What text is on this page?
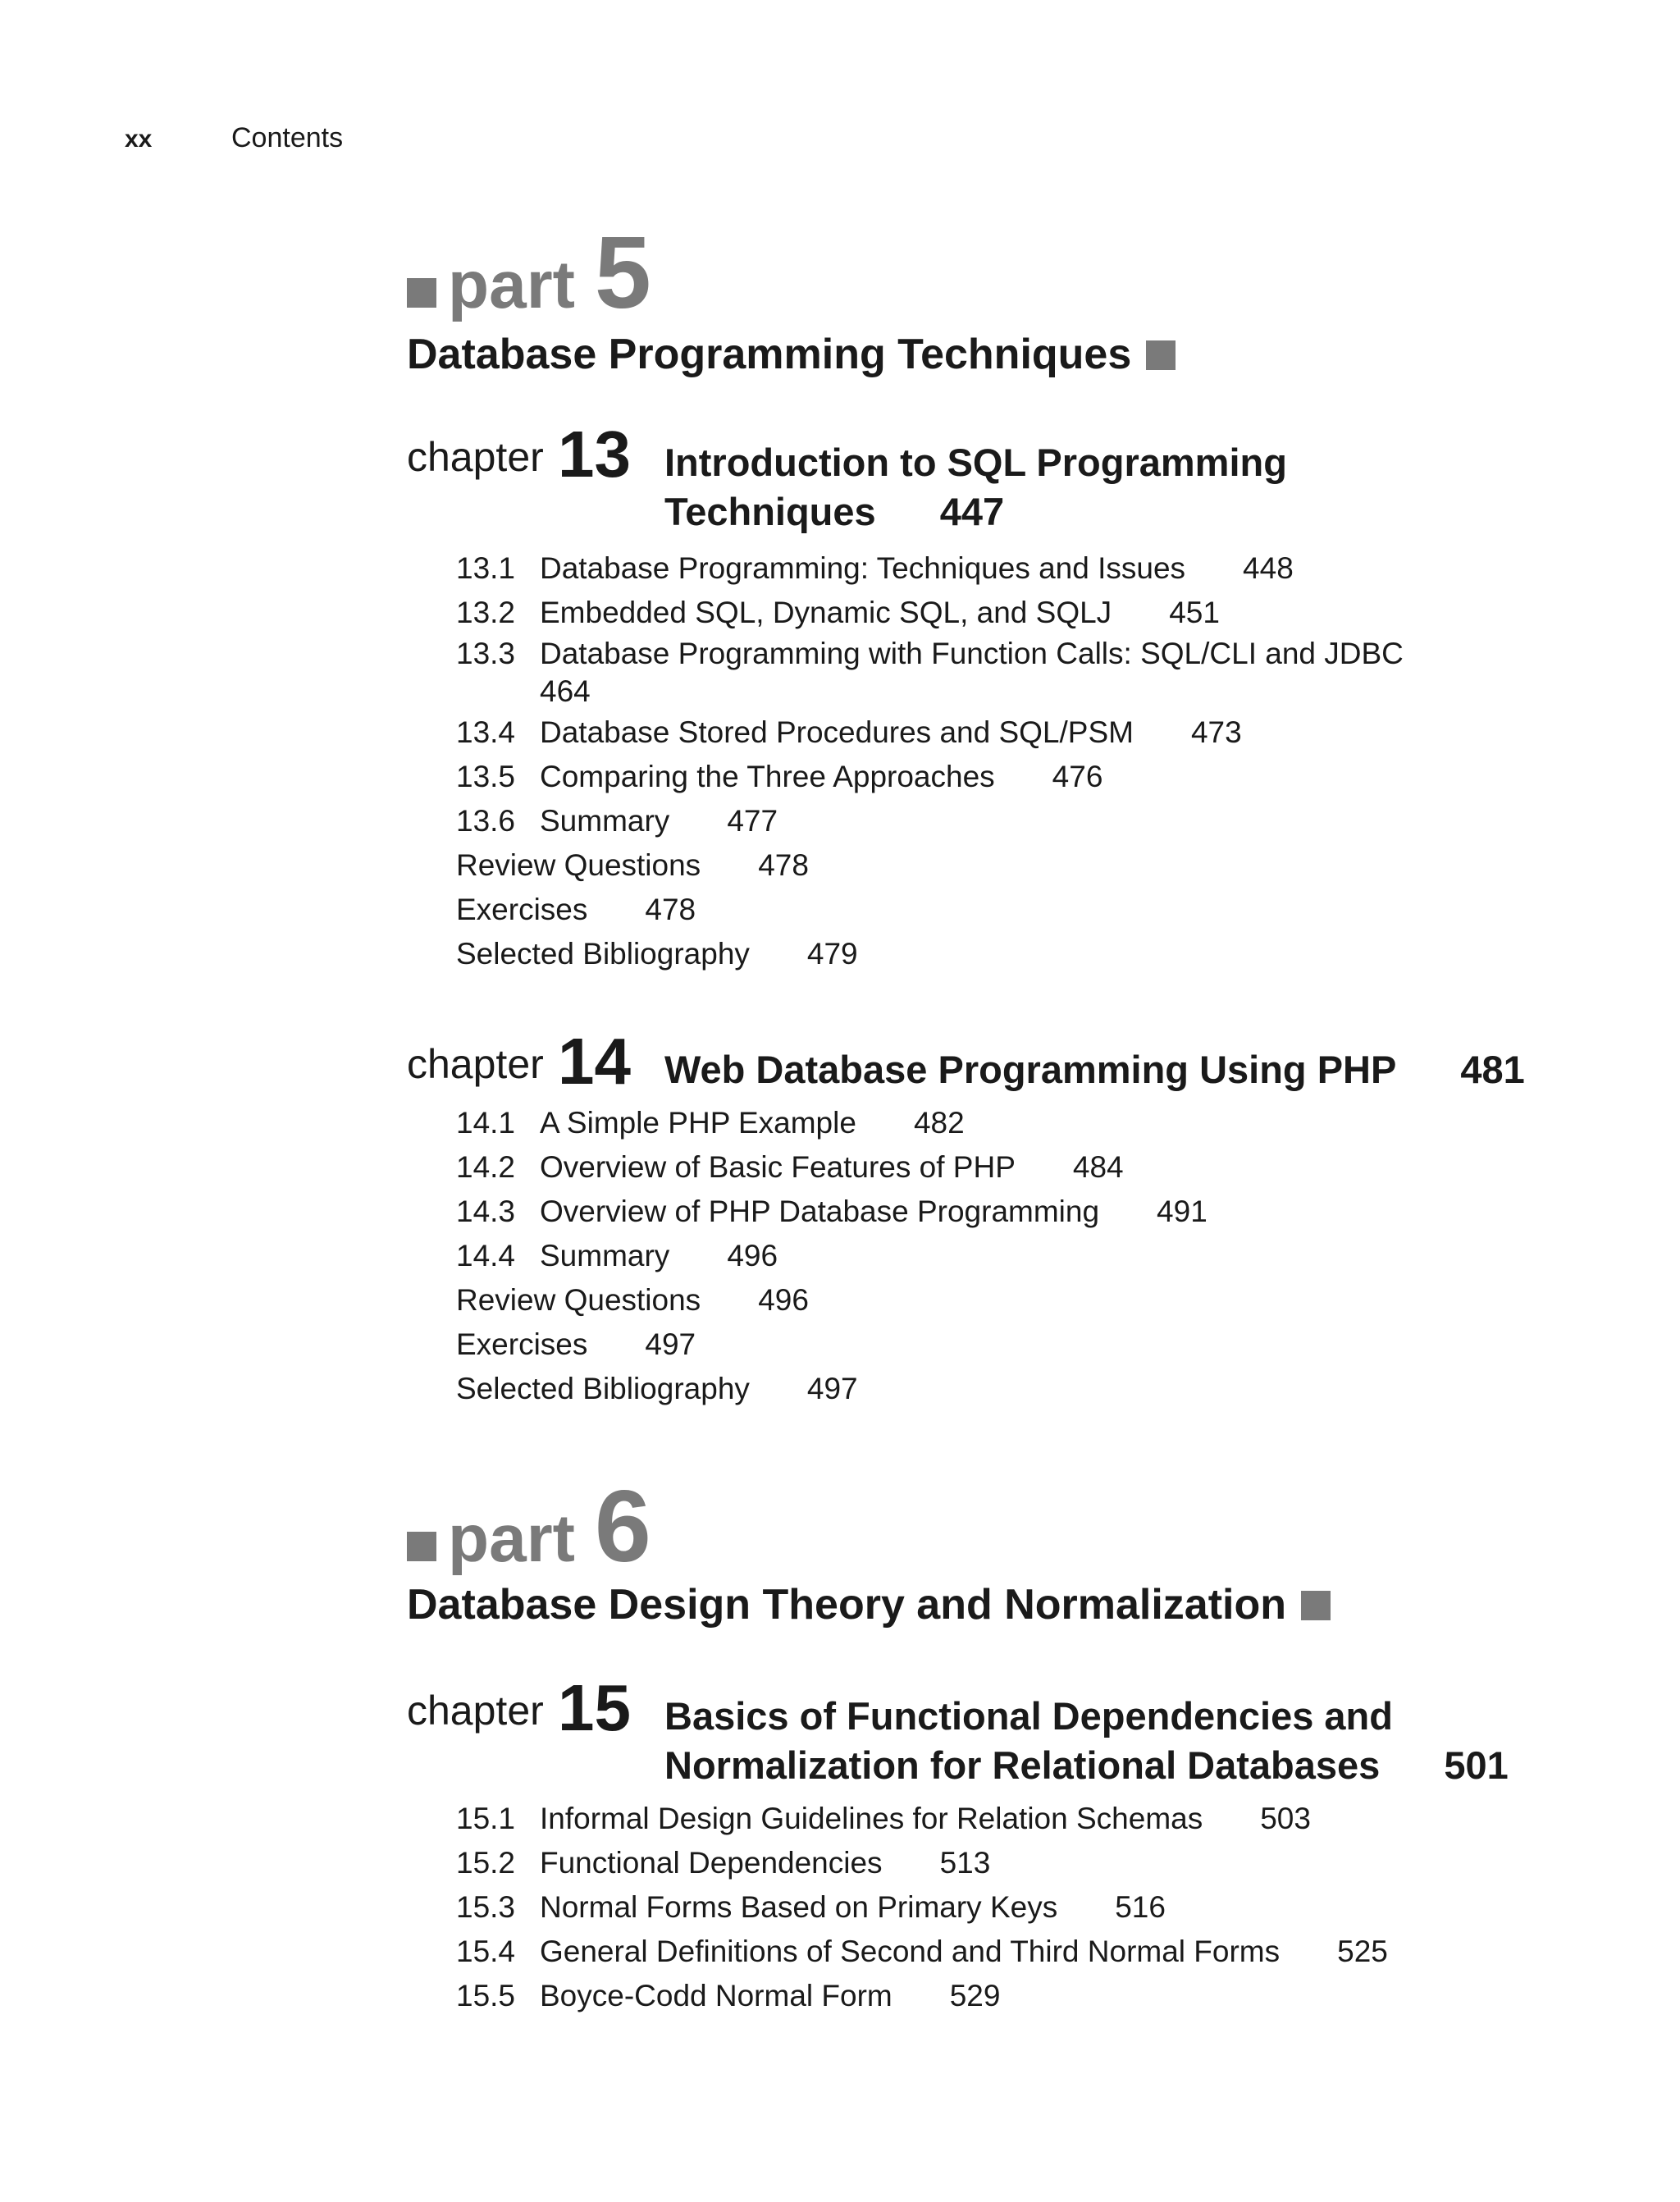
xx	Contents
part 5
Database Programming Techniques
chapter 13 Introduction to SQL Programming
Techniques 447
13.1 Database Programming: Techniques and Issues 448
13.2 Embedded SQL, Dynamic SQL, and SQLJ 451
13.3 Database Programming with Function Calls: SQL/CLI and JDBC
464
13.4 Database Stored Procedures and SQL/PSM 473
13.5 Comparing the Three Approaches 476
13.6 Summary 477
Review Questions 478
Exercises 478
Selected Bibliography 479
chapter 14 Web Database Programming Using PHP 481
14.1 A Simple PHP Example 482
14.2 Overview of Basic Features of PHP 484
14.3 Overview of PHP Database Programming 491
14.4 Summary 496
Review Questions 496
Exercises 497
Selected Bibliography 497
part 6
Database Design Theory and Normalization
chapter 15 Basics of Functional Dependencies and
Normalization for Relational Databases 501
15.1 Informal Design Guidelines for Relation Schemas 503
15.2 Functional Dependencies 513
15.3 Normal Forms Based on Primary Keys 516
15.4 General Definitions of Second and Third Normal Forms 525
15.5 Boyce-Codd Normal Form 529
